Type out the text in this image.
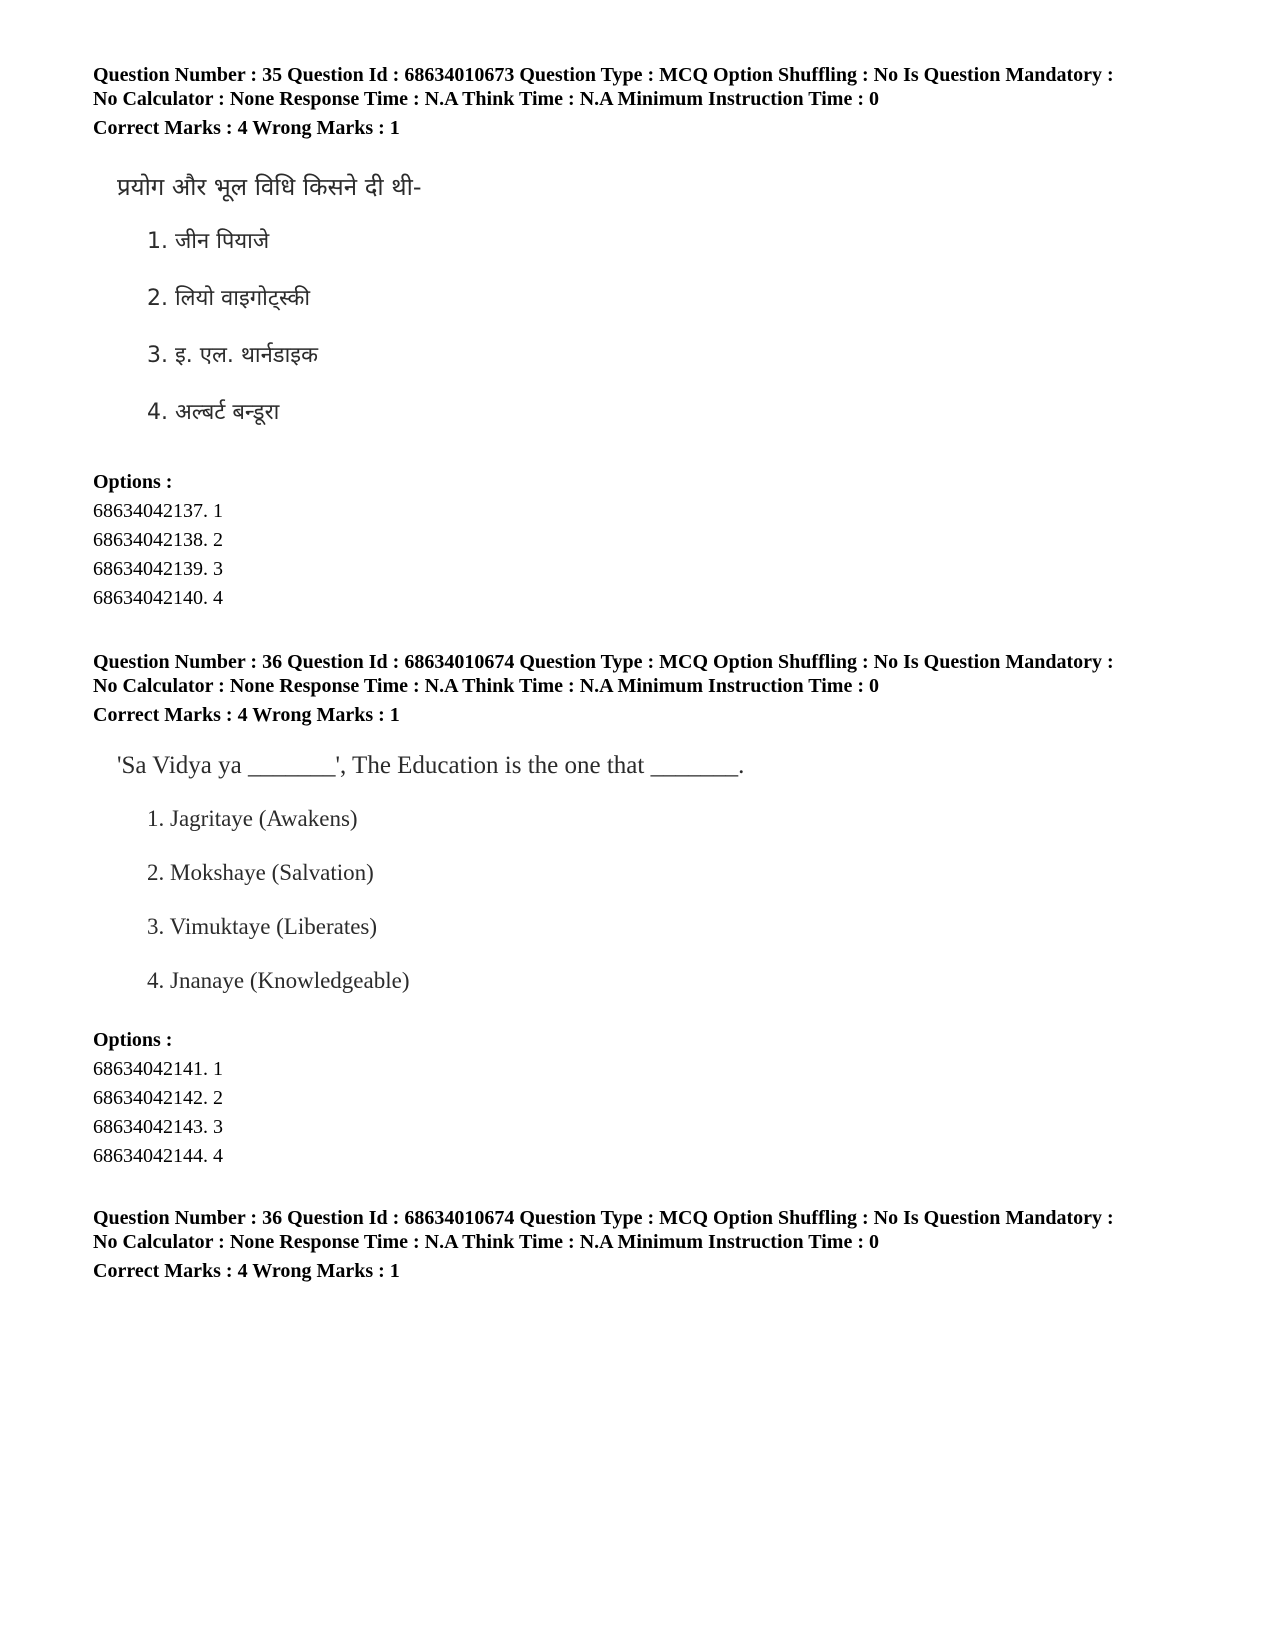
Question Number : 35 Question Id : 68634010673 Question Type : MCQ Option Shuffling : No Is Question Mandatory :
No Calculator : None Response Time : N.A Think Time : N.A Minimum Instruction Time : 0
Correct Marks : 4 Wrong Marks : 1
प्रयोग और भूल विधि किसने दी थी-
1. जीन पियाजे
2. लियो वाइगोट्स्की
3. इ. एल. थार्नडाइक
4. अल्बर्ट बन्डूरा
Options :
68634042137. 1
68634042138. 2
68634042139. 3
68634042140. 4
Question Number : 36 Question Id : 68634010674 Question Type : MCQ Option Shuffling : No Is Question Mandatory :
No Calculator : None Response Time : N.A Think Time : N.A Minimum Instruction Time : 0
Correct Marks : 4 Wrong Marks : 1
'Sa Vidya ya _______', The Education is the one that _______.
1. Jagritaye (Awakens)
2. Mokshaye (Salvation)
3. Vimuktaye (Liberates)
4. Jnanaye (Knowledgeable)
Options :
68634042141. 1
68634042142. 2
68634042143. 3
68634042144. 4
Question Number : 36 Question Id : 68634010674 Question Type : MCQ Option Shuffling : No Is Question Mandatory :
No Calculator : None Response Time : N.A Think Time : N.A Minimum Instruction Time : 0
Correct Marks : 4 Wrong Marks : 1
